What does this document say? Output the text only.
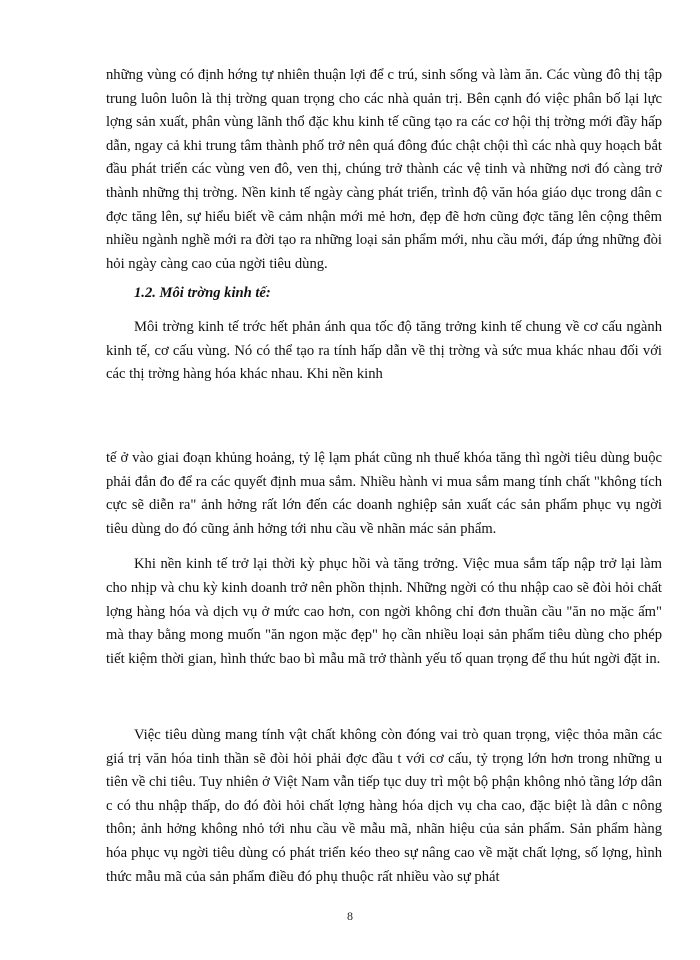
những vùng có định hớng tự nhiên thuận lợi để c trú, sinh sống và làm ăn. Các vùng đô thị tập trung luôn luôn là thị trờng quan trọng cho các nhà quản trị. Bên cạnh đó việc phân bố lại lực lợng sản xuất, phân vùng lãnh thổ đặc khu kinh tế cũng tạo ra các cơ hội thị trờng mới đầy hấp dẫn, ngay cả khi trung tâm thành phố trở nên quá đông đúc chật chội thì các nhà quy hoạch bắt đầu phát triển các vùng ven đô, ven thị, chúng trở thành các vệ tinh và những nơi đó càng trở thành những thị trờng. Nền kinh tế ngày càng phát triển, trình độ văn hóa giáo dục trong dân c đợc tăng lên, sự hiểu biết về cảm nhận mới mẻ hơn, đẹp đẽ hơn cũng đợc tăng lên cộng thêm nhiều ngành nghề mới ra đời tạo ra những loại sản phẩm mới, nhu cầu mới, đáp ứng những đòi hỏi ngày càng cao của ngời tiêu dùng.

1.2. Môi trờng kinh tế:

Môi trờng kinh tế trớc hết phản ánh qua tốc độ tăng trởng kinh tế chung về cơ cấu ngành kinh tế, cơ cấu vùng. Nó có thể tạo ra tính hấp dẫn về thị trờng và sức mua khác nhau đối với các thị trờng hàng hóa khác nhau. Khi nền kinh

tế ở vào giai đoạn khủng hoảng, tỷ lệ lạm phát cũng nh thuế khóa tăng thì ngời tiêu dùng buộc phải đắn đo để ra các quyết định mua sắm. Nhiều hành vi mua sắm mang tính chất "không tích cực sẽ diễn ra" ảnh hởng rất lớn đến các doanh nghiệp sản xuất các sản phẩm phục vụ ngời tiêu dùng do đó cũng ảnh hởng tới nhu cầu về nhãn mác sản phẩm.

Khi nền kinh tế trở lại thời kỳ phục hồi và tăng trởng. Việc mua sắm tấp nập trở lại làm cho nhịp và chu kỳ kinh doanh trở nên phồn thịnh. Những ngời có thu nhập cao sẽ đòi hỏi chất lợng hàng hóa và dịch vụ ở mức cao hơn, con ngời không chỉ đơn thuần cầu "ăn no mặc ấm" mà thay bằng mong muốn "ăn ngon mặc đẹp" họ cần nhiều loại sản phẩm tiêu dùng cho phép tiết kiệm thời gian, hình thức bao bì mẫu mã trở thành yếu tố quan trọng để thu hút ngời đặt in.

Việc tiêu dùng mang tính vật chất không còn đóng vai trò quan trọng, việc thỏa mãn các giá trị văn hóa tinh thần sẽ đòi hỏi phải đợc đầu t với cơ cấu, tỷ trọng lớn hơn trong những u tiên về chi tiêu. Tuy nhiên ở Việt Nam vẫn tiếp tục duy trì một bộ phận không nhỏ tầng lớp dân c có thu nhập thấp, do đó đòi hỏi chất lợng hàng hóa dịch vụ cha cao, đặc biệt là dân c nông thôn; ảnh hởng không nhỏ tới nhu cầu về mẫu mã, nhãn hiệu của sản phẩm. Sản phẩm hàng hóa phục vụ ngời tiêu dùng có phát triển kéo theo sự nâng cao về mặt chất lợng, số lợng, hình thức mẫu mã của sản phẩm điều đó phụ thuộc rất nhiều vào sự phát

8
